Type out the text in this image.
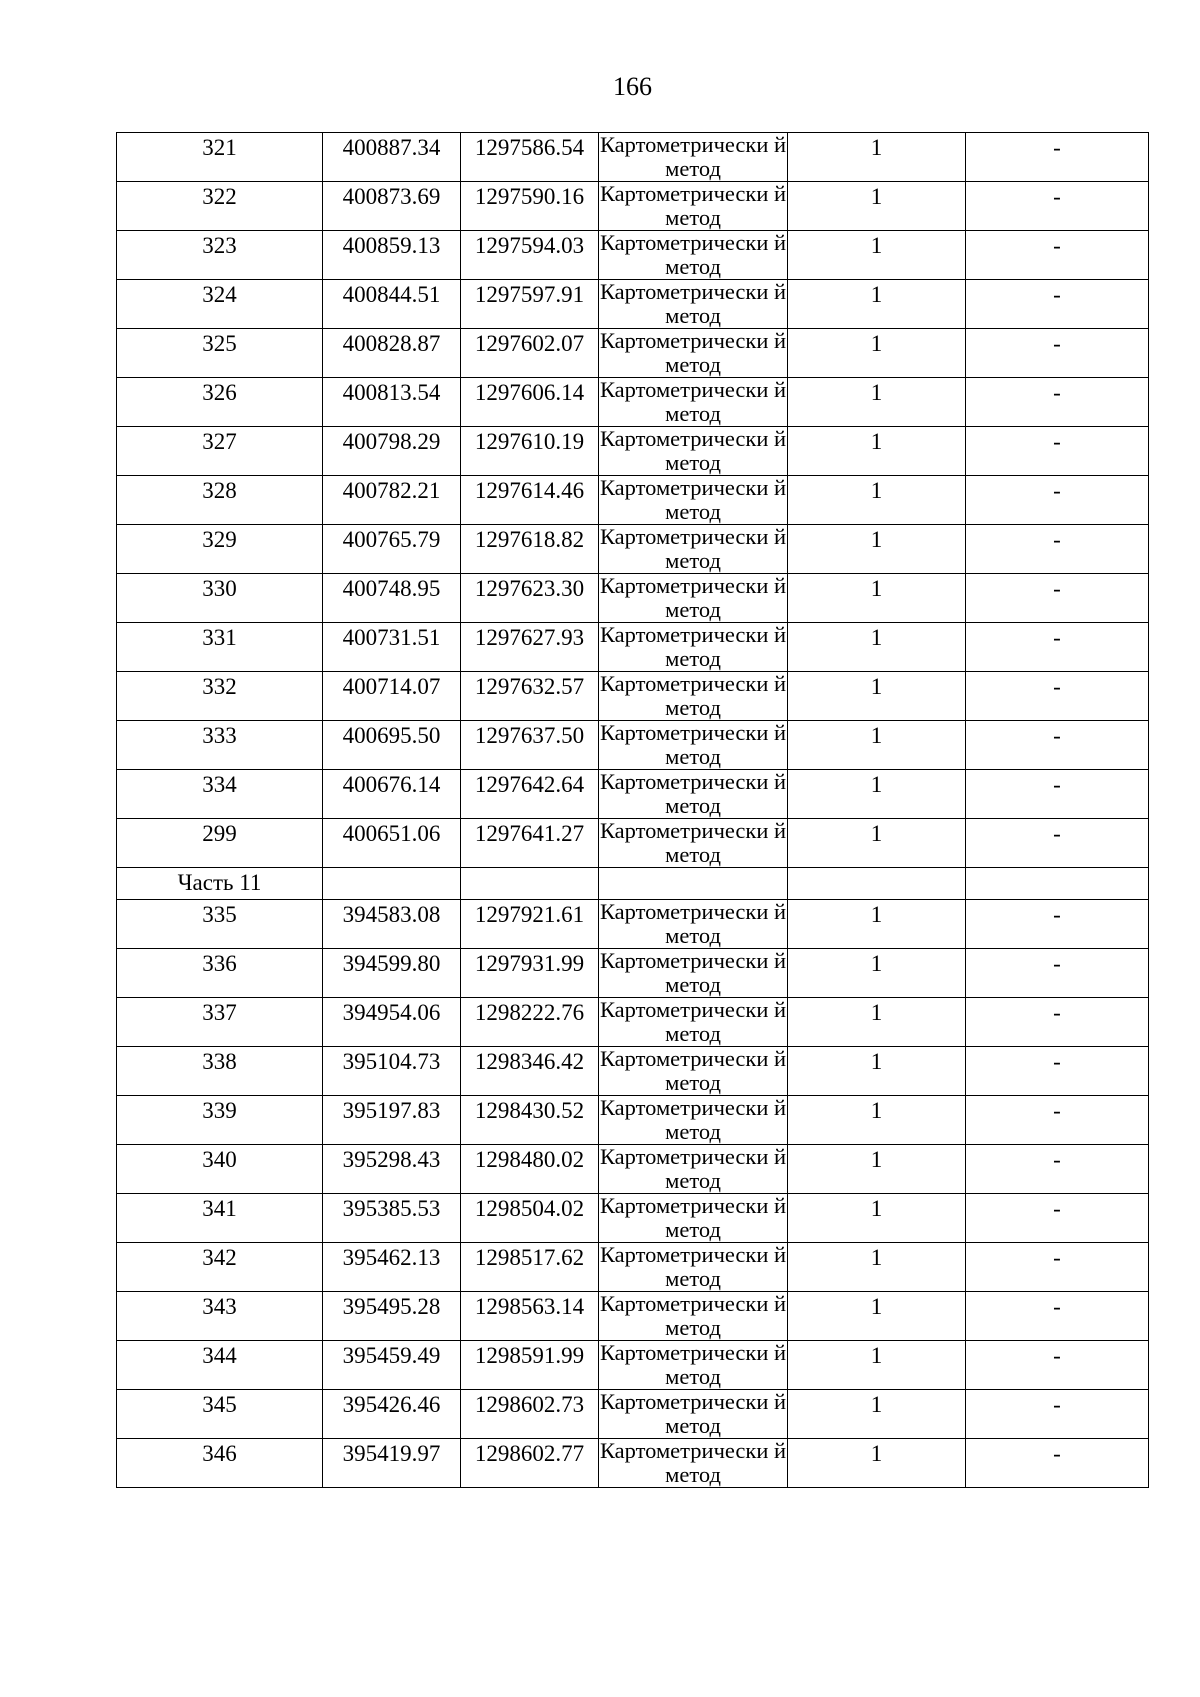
166
321	400887.34	1297586.54	Картометрически й метод	1	-

322	400873.69	1297590.16	Картометрически й метод	1	-

323	400859.13	1297594.03	Картометрически й метод	1	-

324	400844.51	1297597.91	Картометрически й метод	1	-

325	400828.87	1297602.07	Картометрически й метод	1	-

326	400813.54	1297606.14	Картометрически й метод	1	-

327	400798.29	1297610.19	Картометрически й метод	1	-

328	400782.21	1297614.46	Картометрически й метод	1	-

329	400765.79	1297618.82	Картометрически й метод	1	-

330	400748.95	1297623.30	Картометрически й метод	1	-

331	400731.51	1297627.93	Картометрически й метод	1	-

332	400714.07	1297632.57	Картометрически й метод	1	-

333	400695.50	1297637.50	Картометрически й метод	1	-

334	400676.14	1297642.64	Картометрически й метод	1	-

299	400651.06	1297641.27	Картометрически й метод	1	-

Часть 11					

335	394583.08	1297921.61	Картометрически й метод	1	-

336	394599.80	1297931.99	Картометрически й метод	1	-

337	394954.06	1298222.76	Картометрически й метод	1	-

338	395104.73	1298346.42	Картометрически й метод	1	-

339	395197.83	1298430.52	Картометрически й метод	1	-

340	395298.43	1298480.02	Картометрически й метод	1	-

341	395385.53	1298504.02	Картометрически й метод	1	-

342	395462.13	1298517.62	Картометрически й метод	1	-

343	395495.28	1298563.14	Картометрически й метод	1	-

344	395459.49	1298591.99	Картометрически й метод	1	-

345	395426.46	1298602.73	Картометрически й метод	1	-

346	395419.97	1298602.77	Картометрически й метод	1	-
